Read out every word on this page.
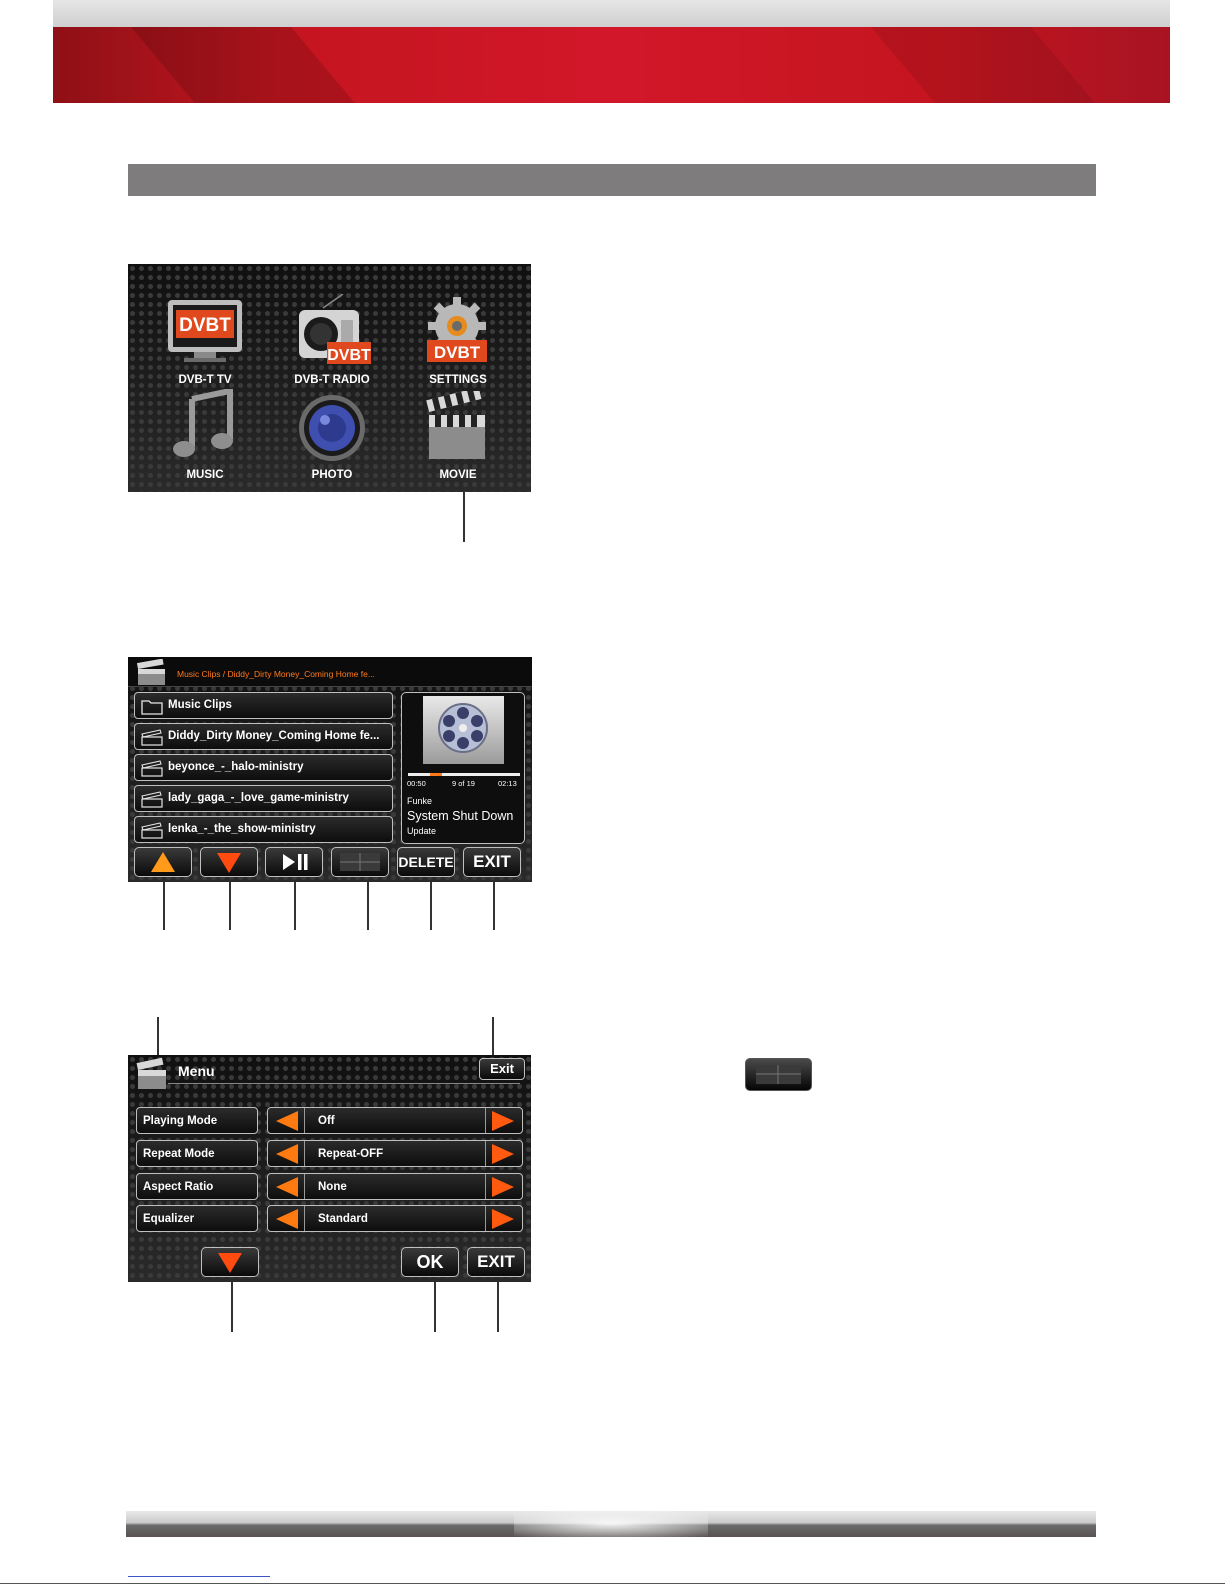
DVBT
DVB-T TV
DVBT
DVB-T RADIO
DVBT
SETTINGS
MUSIC	PHOTO	MOVIE
Music Clips / Diddy_Dirty Money_Coming Home fe...
Music Clips
Diddy_Dirty Money_Coming Home fe...
beyonce_-_halo-ministry
lady_gaga_-_love_game-ministry
lenka_-_the_show-ministry
00:50	9 of 19	02:13
Funke
System Shut Down
Update
DELETE	EXIT
Menu	Exit
Playing Mode	Off
Repeat Mode	Repeat-OFF
Aspect Ratio	None
Equalizer	Standard
OK	EXIT
